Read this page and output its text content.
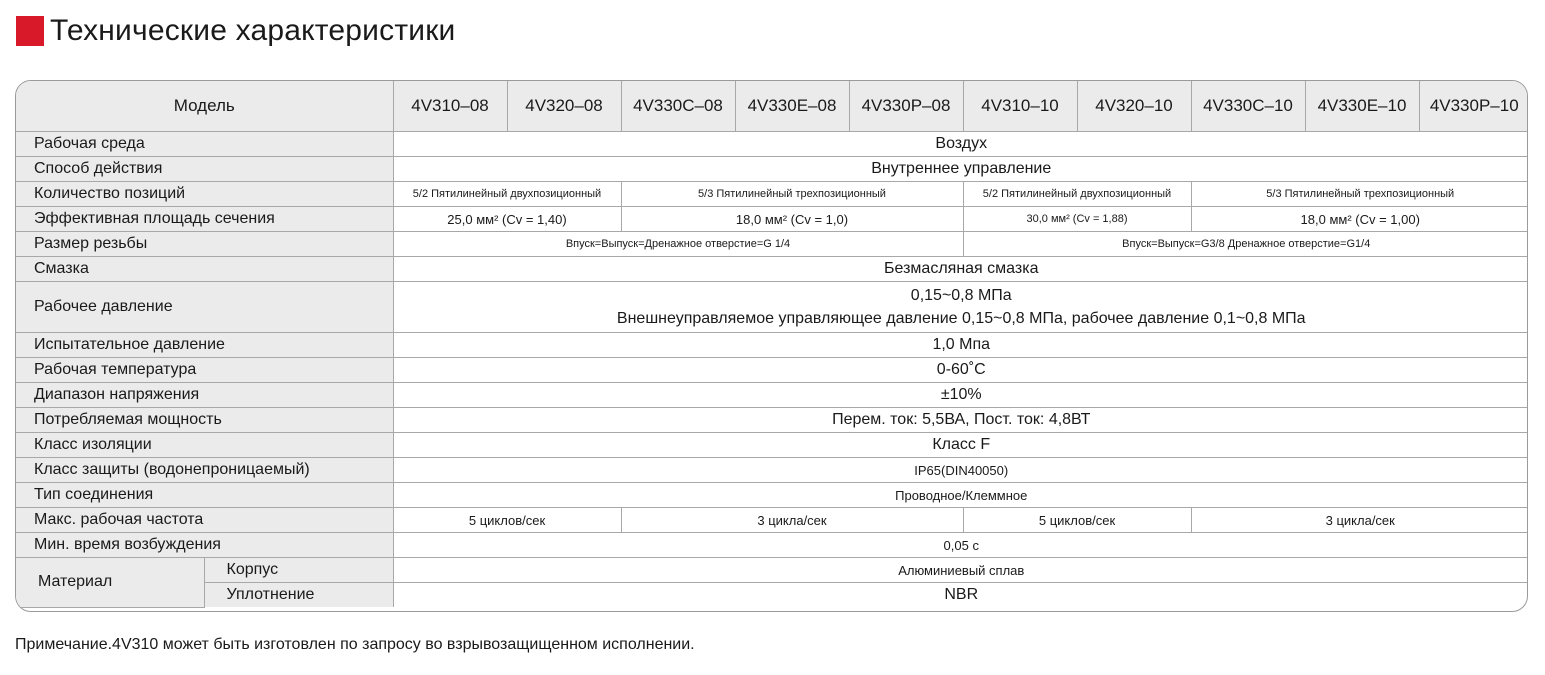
Технические характеристики
Модель		4V310–08	4V320–08	4V330C–08	4V330E–08	4V330P–08	4V310–10	4V320–10	4V330C–10	4V330E–10	4V330P–10
Рабочая среда		Воздух									
Способ действия		Внутреннее управление									
Количество позиций		5/2 Пятилинейный двухпозиционный		5/3 Пятилинейный трехпозиционный			5/2 Пятилинейный двухпозиционный		5/3 Пятилинейный трехпозиционный		
Эффективная площадь сечения		25,0 мм² (Cv = 1,40)		18,0 мм² (Cv = 1,0)			30,0 мм² (Cv = 1,88)		18,0 мм² (Cv = 1,00)		
Размер резьбы		Впуск=Выпуск=Дренажное отверстие=G 1/4					Впуск=Выпуск=G3/8 Дренажное отверстие=G1/4				
Смазка		Безмасляная смазка									
Рабочее давление		0,15~0,8 МПа
Внешнеуправляемое управляющее давление 0,15~0,8 МПа, рабочее давление 0,1~0,8 МПа									

Испытательное давление		1,0 Мпа									
Рабочая температура		0-60˚C									
Диапазон напряжения		±10%									
Потребляемая мощность		Перем. ток: 5,5ВА, Пост. ток: 4,8ВТ									
Класс изоляции		Класс F									
Класс защиты (водонепроницаемый)		IP65(DIN40050)									
Тип соединения		Проводное/Клеммное									
Макс. рабочая частота		5 циклов/сек		3 цикла/сек			5 циклов/сек		3 цикла/сек		
Мин. время возбуждения		0,05 с									
Материал	Корпус	Алюминиевый сплав									
	Уплотнение	NBR									
Примечание.4V310 может быть изготовлен по запросу во взрывозащищенном исполнении.
